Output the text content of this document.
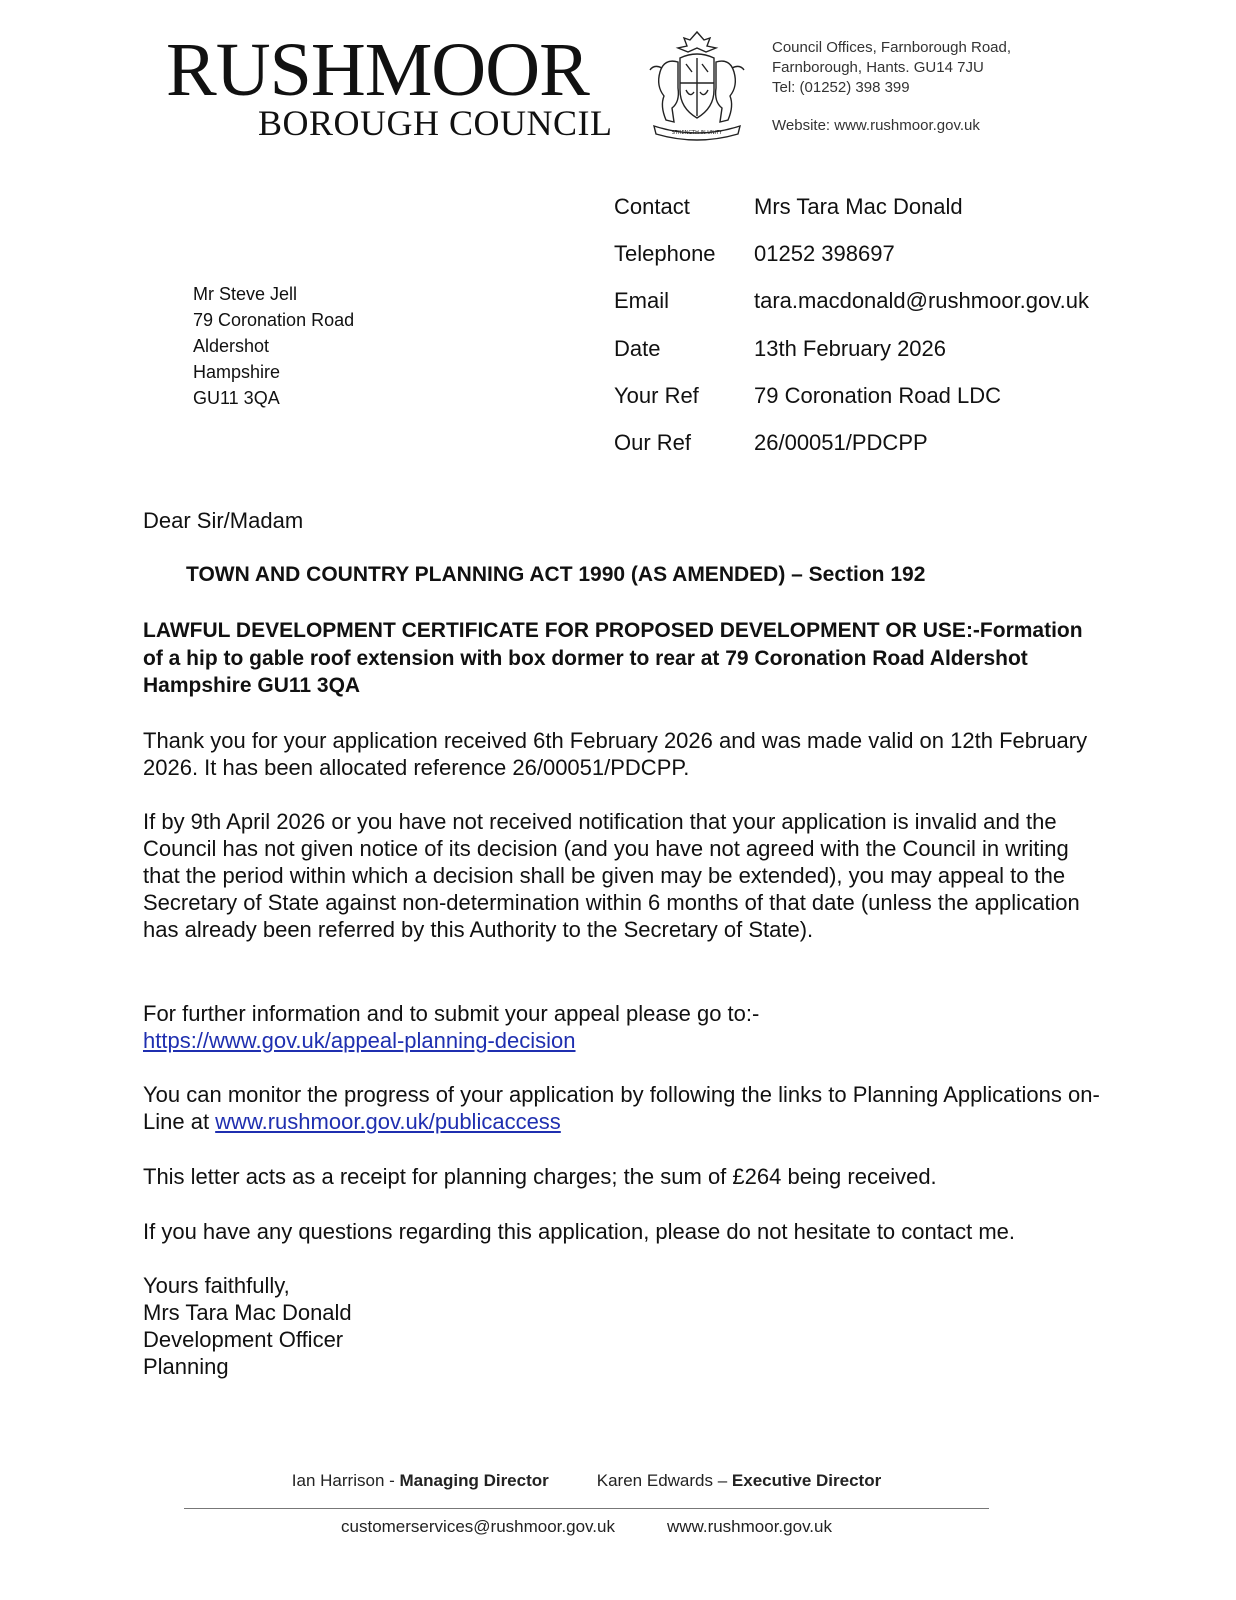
RUSHMOOR
BOROUGH COUNCIL	STRENGTH IN UNITY
Council Offices, Farnborough Road,
Farnborough, Hants. GU14 7JU
Tel: (01252) 398 399
Website: www.rushmoor.gov.uk
Mr Steve Jell
79 Coronation Road
Aldershot
Hampshire
GU11 3QA
Contact	Mrs Tara Mac Donald
Telephone	01252 398697
Email	tara.macdonald@rushmoor.gov.uk
Date	13th February 2026
Your Ref	79 Coronation Road LDC
Our Ref	26/00051/PDCPP
Dear Sir/Madam
TOWN AND COUNTRY PLANNING ACT 1990 (AS AMENDED) – Section 192
LAWFUL DEVELOPMENT CERTIFICATE FOR PROPOSED DEVELOPMENT OR USE:-Formation of a hip to gable roof extension with box dormer to rear at 79 Coronation Road Aldershot Hampshire GU11 3QA
Thank you for your application received 6th February 2026 and was made valid on 12th February 2026. It has been allocated reference 26/00051/PDCPP.
If by 9th April 2026 or you have not received notification that your application is invalid and the Council has not given notice of its decision (and you have not agreed with the Council in writing that the period within which a decision shall be given may be extended), you may appeal to the Secretary of State against non-determination within 6 months of that date (unless the application has already been referred by this Authority to the Secretary of State).
For further information and to submit your appeal please go to:-
https://www.gov.uk/appeal-planning-decision
You can monitor the progress of your application by following the links to Planning Applications on-Line at www.rushmoor.gov.uk/publicaccess
This letter acts as a receipt for planning charges; the sum of £264 being received.
If you have any questions regarding this application, please do not hesitate to contact me.
Yours faithfully,
Mrs Tara Mac Donald
Development Officer
Planning
Ian Harrison - Managing Director	Karen Edwards – Executive Director
customerservices@rushmoor.gov.uk	www.rushmoor.gov.uk
